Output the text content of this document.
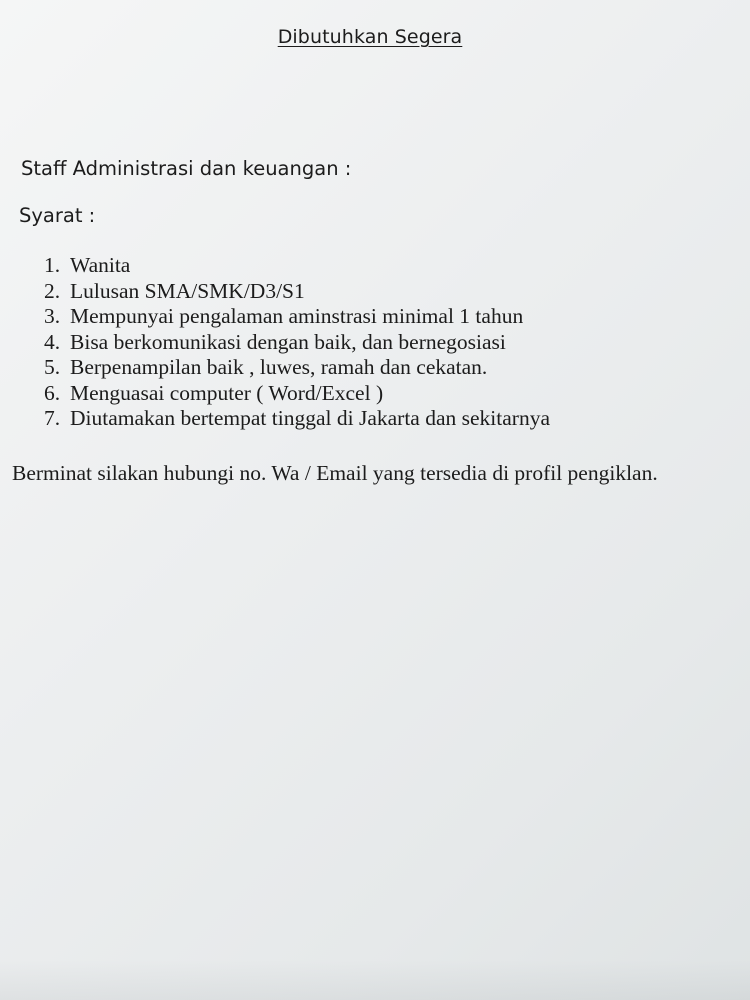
Dibutuhkan Segera
Staff Administrasi dan keuangan :
Syarat :
1. Wanita
2. Lulusan SMA/SMK/D3/S1
3. Mempunyai pengalaman aminstrasi minimal 1 tahun
4. Bisa berkomunikasi dengan baik, dan bernegosiasi
5. Berpenampilan baik , luwes, ramah dan cekatan.
6. Menguasai computer ( Word/Excel )
7. Diutamakan bertempat tinggal di Jakarta dan sekitarnya

Berminat silakan hubungi no. Wa / Email yang tersedia di profil pengiklan.
